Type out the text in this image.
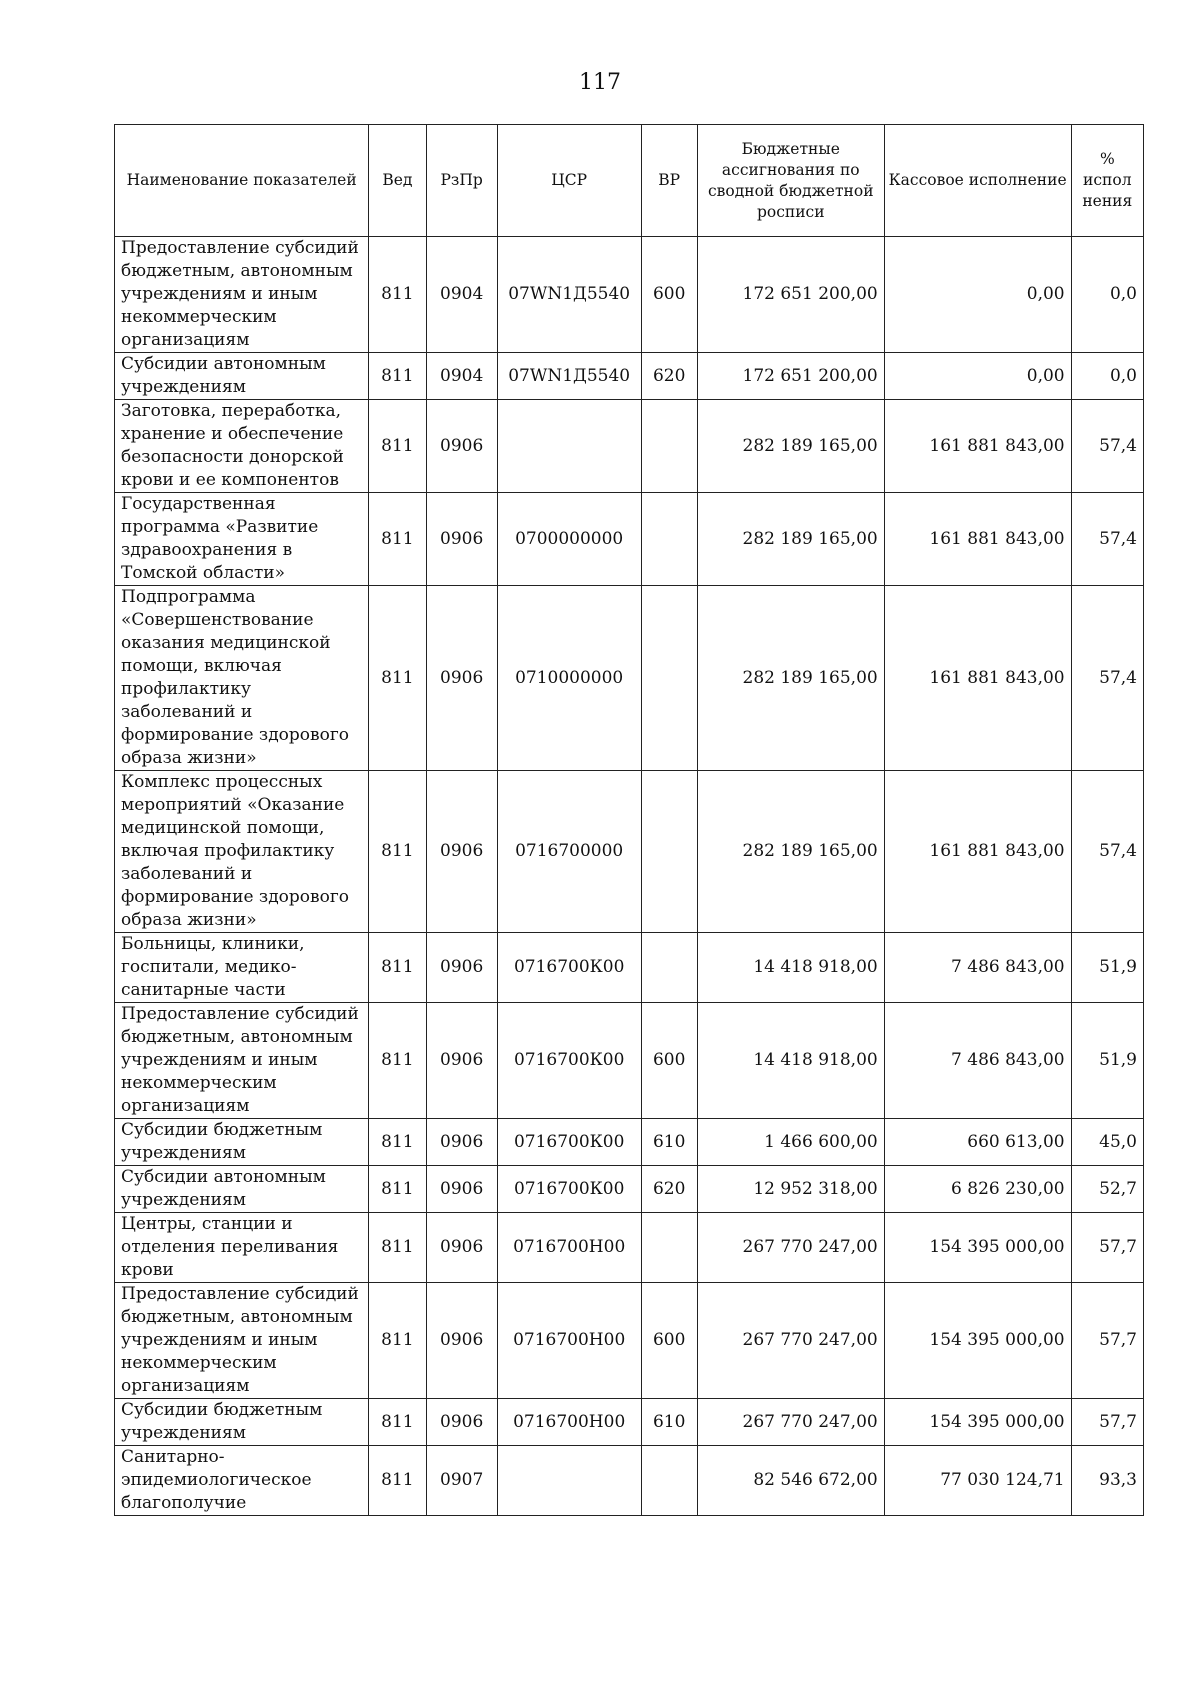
117
Наименование показателей	Вед	РзПр	ЦСР	ВР	Бюджетные ассигнования по сводной бюджетной росписи	Кассовое исполнение	% испол нения
Предоставление субсидий бюджетным, автономным учреждениям и иным некоммерческим организациям	811	0904	07WN1Д5540	600	172 651 200,00	0,00	0,0
Субсидии автономным учреждениям	811	0904	07WN1Д5540	620	172 651 200,00	0,00	0,0
Заготовка, переработка, хранение и обеспечение безопасности донорской крови и ее компонентов	811	0906			282 189 165,00	161 881 843,00	57,4
Государственная программа «Развитие здравоохранения в Томской области»	811	0906	0700000000		282 189 165,00	161 881 843,00	57,4
Подпрограмма «Совершенствование оказания медицинской помощи, включая профилактику заболеваний и формирование здорового образа жизни»	811	0906	0710000000		282 189 165,00	161 881 843,00	57,4
Комплекс процессных мероприятий «Оказание медицинской помощи, включая профилактику заболеваний и формирование здорового образа жизни»	811	0906	0716700000		282 189 165,00	161 881 843,00	57,4
Больницы, клиники, госпитали, медико-санитарные части	811	0906	0716700К00		14 418 918,00	7 486 843,00	51,9
Предоставление субсидий бюджетным, автономным учреждениям и иным некоммерческим организациям	811	0906	0716700К00	600	14 418 918,00	7 486 843,00	51,9
Субсидии бюджетным учреждениям	811	0906	0716700К00	610	1 466 600,00	660 613,00	45,0
Субсидии автономным учреждениям	811	0906	0716700К00	620	12 952 318,00	6 826 230,00	52,7
Центры, станции и отделения переливания крови	811	0906	0716700Н00		267 770 247,00	154 395 000,00	57,7
Предоставление субсидий бюджетным, автономным учреждениям и иным некоммерческим организациям	811	0906	0716700Н00	600	267 770 247,00	154 395 000,00	57,7
Субсидии бюджетным учреждениям	811	0906	0716700Н00	610	267 770 247,00	154 395 000,00	57,7
Санитарно-эпидемиологическое благополучие	811	0907			82 546 672,00	77 030 124,71	93,3
